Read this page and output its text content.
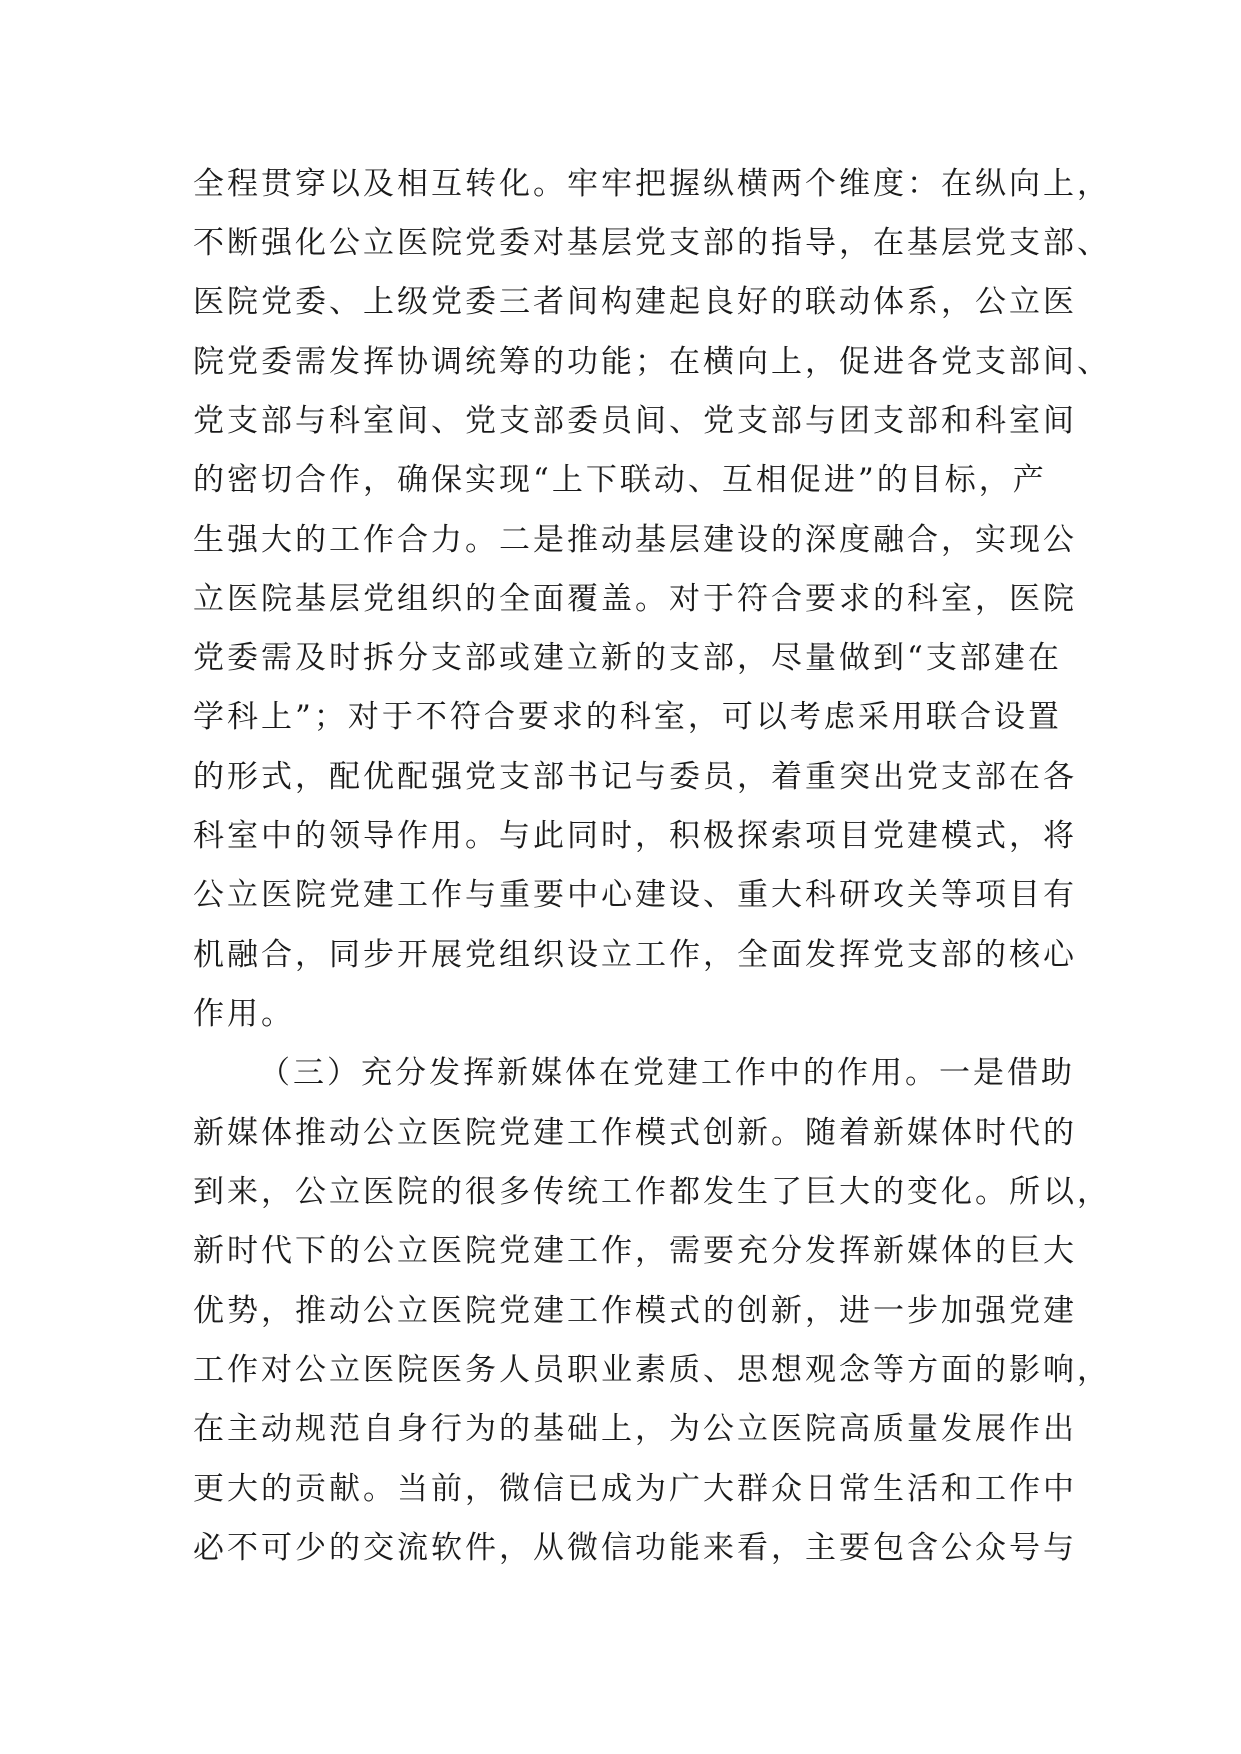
全程贯穿以及相互转化。牢牢把握纵横两个维度：在纵向上，
不断强化公立医院党委对基层党支部的指导，在基层党支部、
医院党委、上级党委三者间构建起良好的联动体系，公立医
院党委需发挥协调统筹的功能；在横向上，促进各党支部间、
党支部与科室间、党支部委员间、党支部与团支部和科室间
的密切合作，确保实现“上下联动、互相促进”的目标，产
生强大的工作合力。二是推动基层建设的深度融合，实现公
立医院基层党组织的全面覆盖。对于符合要求的科室，医院
党委需及时拆分支部或建立新的支部，尽量做到“支部建在
学科上”；对于不符合要求的科室，可以考虑采用联合设置
的形式，配优配强党支部书记与委员，着重突出党支部在各
科室中的领导作用。与此同时，积极探索项目党建模式，将
公立医院党建工作与重要中心建设、重大科研攻关等项目有
机融合，同步开展党组织设立工作，全面发挥党支部的核心
作用。
（三）充分发挥新媒体在党建工作中的作用。一是借助
新媒体推动公立医院党建工作模式创新。随着新媒体时代的
到来，公立医院的很多传统工作都发生了巨大的变化。所以，
新时代下的公立医院党建工作，需要充分发挥新媒体的巨大
优势，推动公立医院党建工作模式的创新，进一步加强党建
工作对公立医院医务人员职业素质、思想观念等方面的影响，
在主动规范自身行为的基础上，为公立医院高质量发展作出
更大的贡献。当前，微信已成为广大群众日常生活和工作中
必不可少的交流软件，从微信功能来看，主要包含公众号与
